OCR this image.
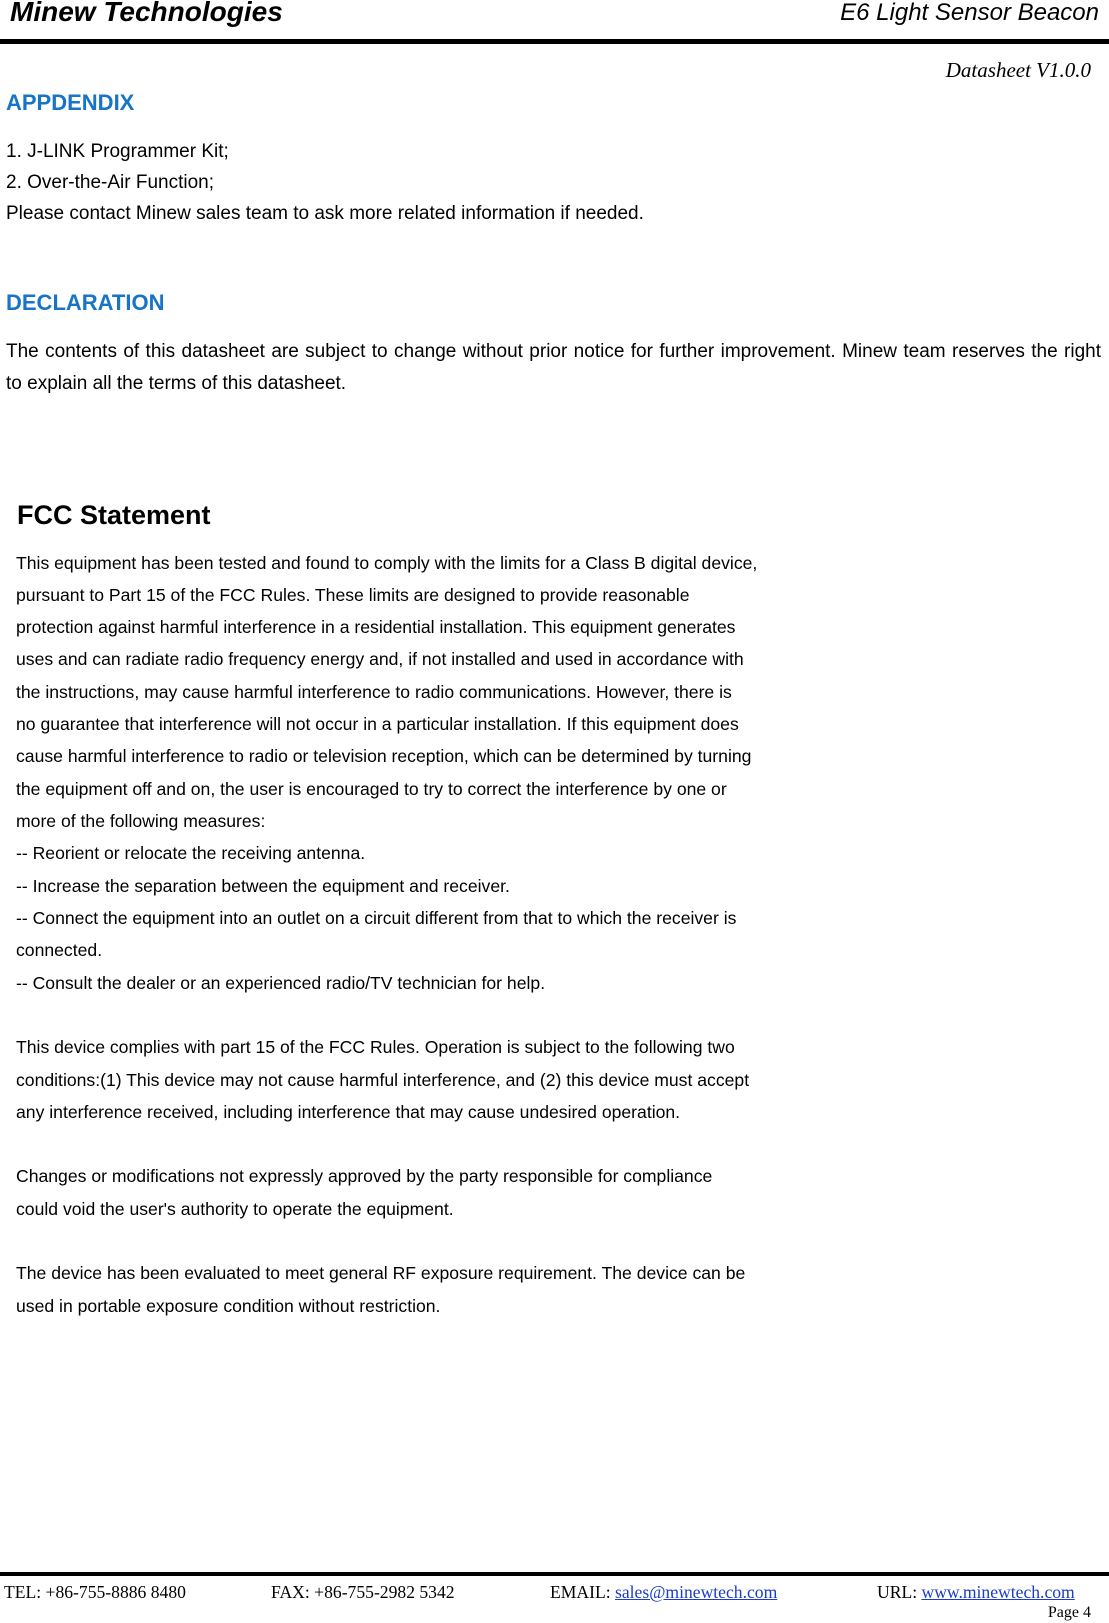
Minew Technologies	E6 Light Sensor Beacon
Datasheet V1.0.0
APPDENDIX
1. J-LINK Programmer Kit;
2. Over-the-Air Function;
Please contact Minew sales team to ask more related information if needed.
DECLARATION
The contents of this datasheet are subject to change without prior notice for further improvement. Minew team reserves the right to explain all the terms of this datasheet.
FCC Statement
This equipment has been tested and found to comply with the limits for a Class B digital device,
pursuant to Part 15 of the FCC Rules. These limits are designed to provide reasonable
protection against harmful interference in a residential installation. This equipment generates
uses and can radiate radio frequency energy and, if not installed and used in accordance with
the instructions, may cause harmful interference to radio communications. However, there is
no guarantee that interference will not occur in a particular installation. If this equipment does
cause harmful interference to radio or television reception, which can be determined by turning
the equipment off and on, the user is encouraged to try to correct the interference by one or
more of the following measures:
-- Reorient or relocate the receiving antenna.
-- Increase the separation between the equipment and receiver.
-- Connect the equipment into an outlet on a circuit different from that to which the receiver is
connected.
-- Consult the dealer or an experienced radio/TV technician for help.
This device complies with part 15 of the FCC Rules. Operation is subject to the following two
conditions:(1) This device may not cause harmful interference, and (2) this device must accept
any interference received, including interference that may cause undesired operation.
Changes or modifications not expressly approved by the party responsible for compliance
could void the user's authority to operate the equipment.
The device has been evaluated to meet general RF exposure requirement. The device can be
used in portable exposure condition without restriction.
TEL: +86-755-8886 8480	FAX: +86-755-2982 5342	EMAIL: sales@minewtech.com	URL: www.minewtech.com
Page 4
